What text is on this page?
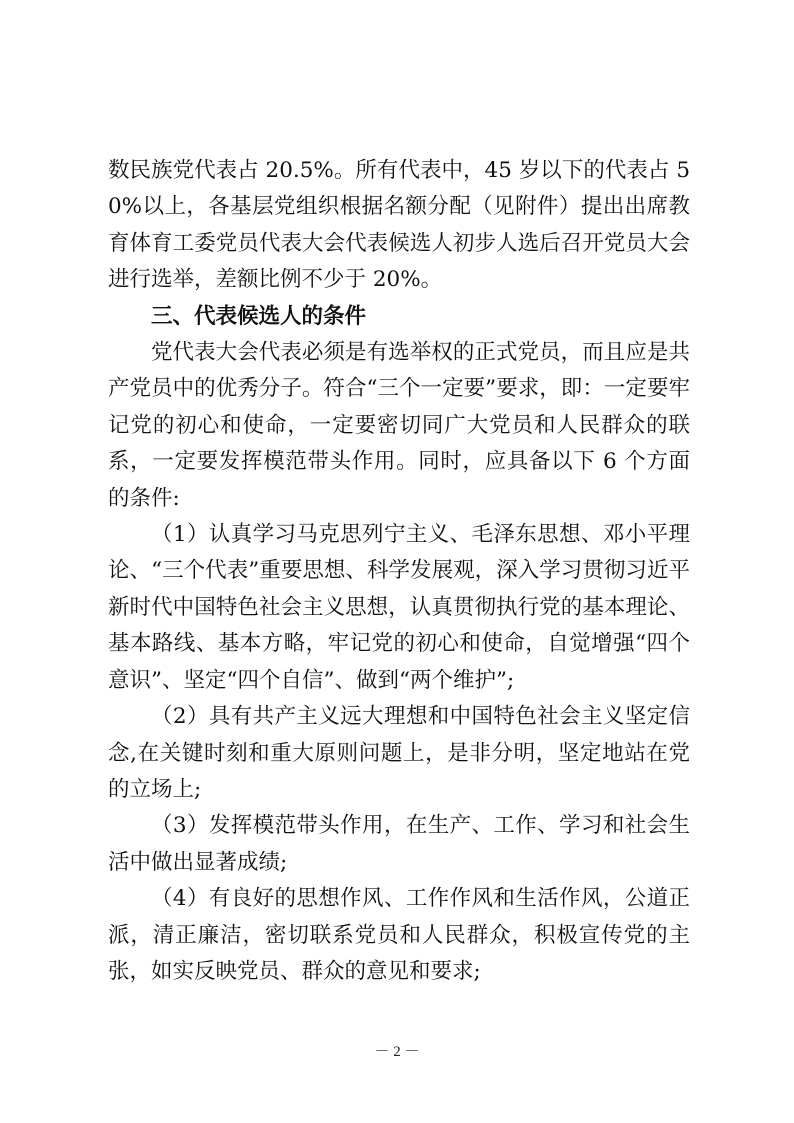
数民族党代表占 20.5%。所有代表中，45 岁以下的代表占 50%以上，各基层党组织根据名额分配（见附件）提出出席教育体育工委党员代表大会代表候选人初步人选后召开党员大会进行选举，差额比例不少于 20%。

三、代表候选人的条件

党代表大会代表必须是有选举权的正式党员，而且应是共产党员中的优秀分子。符合“三个一定要”要求，即：一定要牢记党的初心和使命，一定要密切同广大党员和人民群众的联系，一定要发挥模范带头作用。同时，应具备以下 6 个方面的条件:

（1）认真学习马克思列宁主义、毛泽东思想、邓小平理论、“三个代表”重要思想、科学发展观，深入学习贯彻习近平新时代中国特色社会主义思想，认真贯彻执行党的基本理论、基本路线、基本方略，牢记党的初心和使命，自觉增强“四个意识”、坚定“四个自信”、做到“两个维护”;

（2）具有共产主义远大理想和中国特色社会主义坚定信念,在关键时刻和重大原则问题上，是非分明，坚定地站在党的立场上;

（3）发挥模范带头作用，在生产、工作、学习和社会生活中做出显著成绩;

（4）有良好的思想作风、工作作风和生活作风，公道正派，清正廉洁，密切联系党员和人民群众，积极宣传党的主张，如实反映党员、群众的意见和要求;

－ 2 －
